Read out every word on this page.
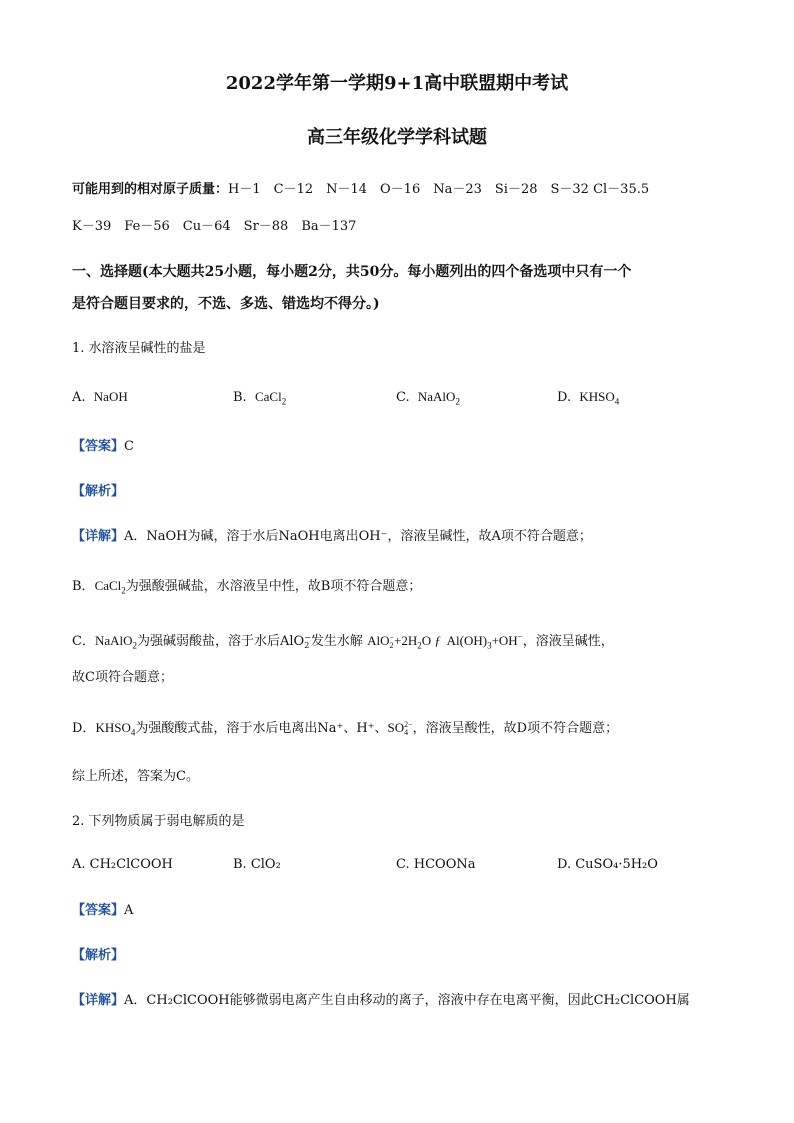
2022学年第一学期9+1高中联盟期中考试
高三年级化学学科试题
可能用到的相对原子质量：H－1　C－12　N－14　O－16　Na－23　Si－28　S－32 Cl－35.5
K－39　Fe－56　Cu－64　Sr－88　Ba－137
一、选择题(本大题共25小题，每小题2分，共50分。每小题列出的四个备选项中只有一个
是符合题目要求的，不选、多选、错选均不得分。)
1. 水溶液呈碱性的盐是
A. NaOH	B. CaCl$_2$	C. NaAlO$_2$	D. $KHSO_4$
【答案】C
【解析】
【详解】A．NaOH为碱，溶于水后NaOH电离出OH⁻，溶液呈碱性，故A项不符合题意；
B．CaCl$_2$为强酸强碱盐，水溶液呈中性，故B项不符合题意；
C．NaAlO$_2$为强碱弱酸盐，溶于水后AlO−
2 发生水解 AlO−
$2+2H_2O$ ƒ  $Al(OH)_3+OH^-$，溶液呈碱性，
故C项符合题意；
D．$KHSO_4$为强酸酸式盐，溶于水后电离出Na⁺、H⁺、SO2−
4 ，溶液呈酸性，故D项不符合题意；
综上所述，答案为C。
2. 下列物质属于弱电解质的是
A. CH₂ClCOOH	B. ClO₂	C. HCOONa	D. CuSO₄·5H₂O
【答案】A
【解析】
【详解】A．CH₂ClCOOH能够微弱电离产生自由移动的离子，溶液中存在电离平衡，因此CH₂ClCOOH属
